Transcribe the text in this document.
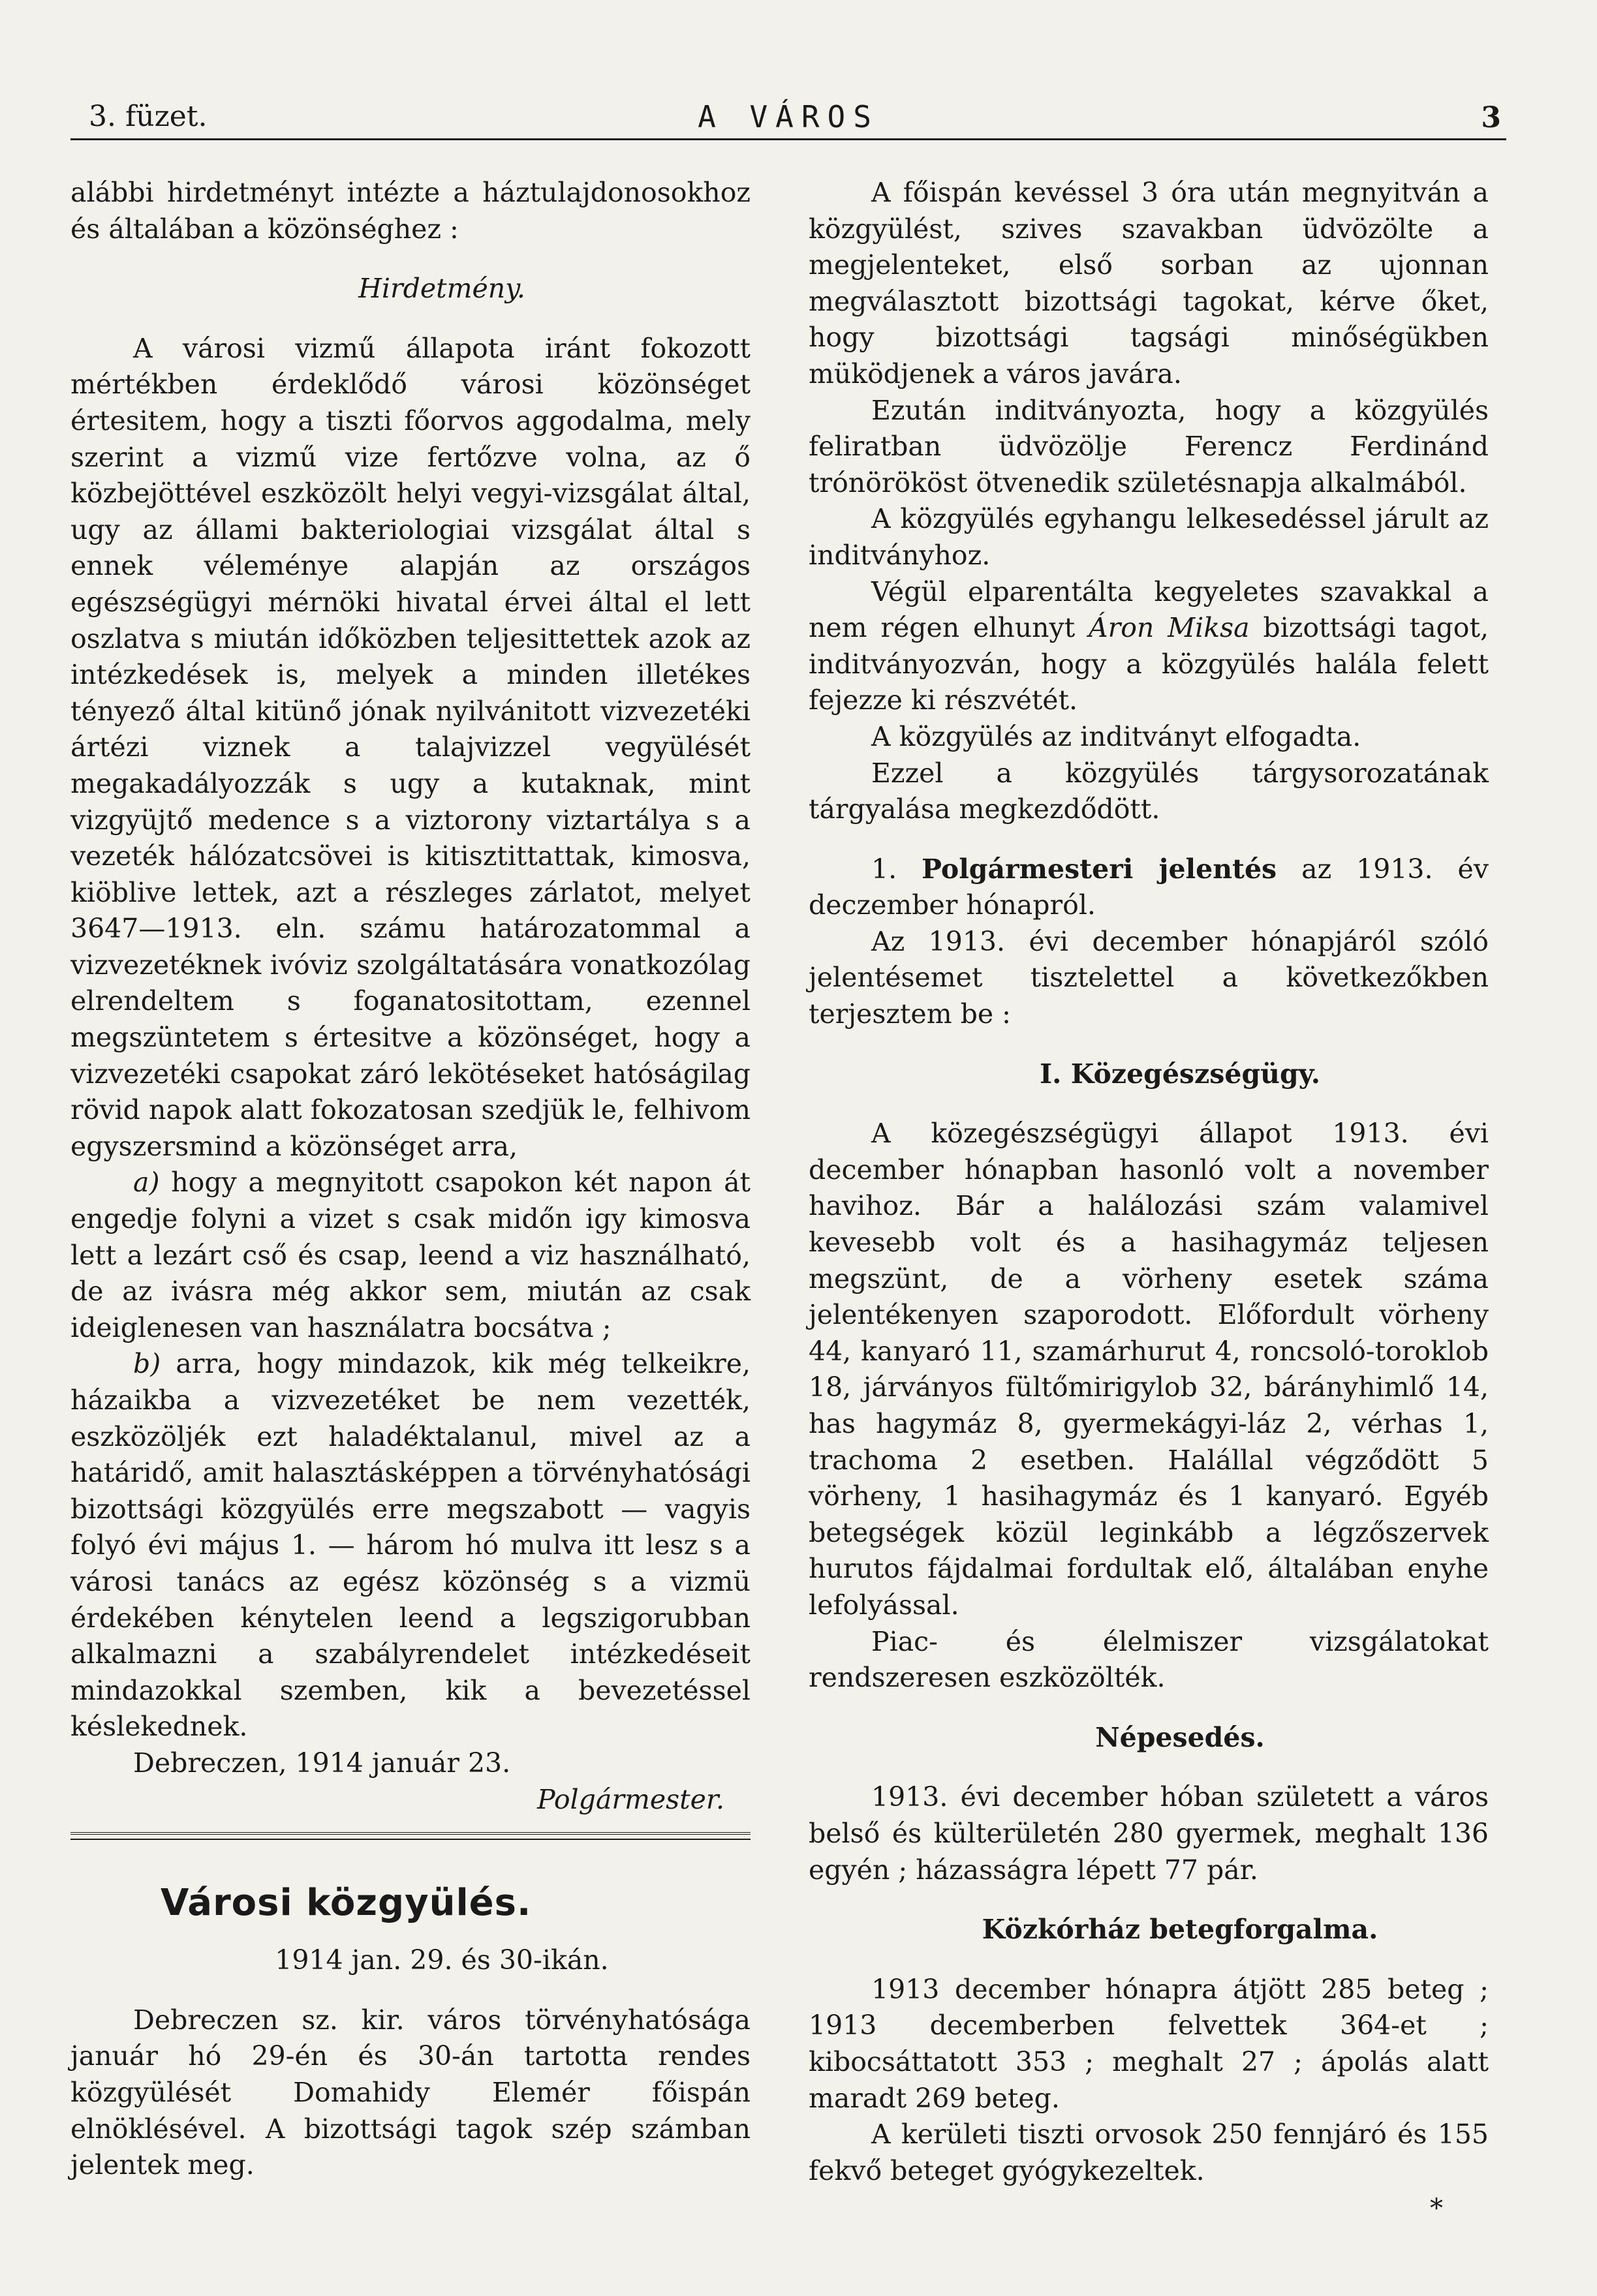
3. füzet.	A VÁROS	3

alábbi hirdetményt intézte a háztulajdonosokhoz és általában a közönséghez :

Hirdetmény.

A városi vizmű állapota iránt fokozott mértékben érdeklődő városi közönséget értesitem, hogy a tiszti főorvos aggodalma, mely szerint a vizmű vize fertőzve volna, az ő közbejöttével eszközölt helyi vegyi-vizsgálat által, ugy az állami bakteriologiai vizsgálat által s ennek véleménye alapján az országos egészségügyi mérnöki hivatal érvei által el lett oszlatva s miután időközben teljesittettek azok az intézkedések is, melyek a minden illetékes tényező által kitünő jónak nyilvánitott vizvezetéki ártézi viznek a talajvizzel vegyülését megakadályozzák s ugy a kutaknak, mint vizgyüjtő medence s a viztorony viztartálya s a vezeték hálózatcsövei is kitisztittattak, kimosva, kiöblive lettek, azt a részleges zárlatot, melyet 3647—1913. eln. számu határozatommal a vizvezetéknek ivóviz szolgáltatására vonatkozólag elrendeltem s foganatositottam, ezennel megszüntetem s értesitve a közönséget, hogy a vizvezetéki csapokat záró lekötéseket hatóságilag rövid napok alatt fokozatosan szedjük le, felhivom egyszersmind a közönséget arra,

a) hogy a megnyitott csapokon két napon át engedje folyni a vizet s csak midőn igy kimosva lett a lezárt cső és csap, leend a viz használható, de az ivásra még akkor sem, miután az csak ideiglenesen van használatra bocsátva ;

b) arra, hogy mindazok, kik még telkeikre, házaikba a vizvezetéket be nem vezették, eszközöljék ezt haladéktalanul, mivel az a határidő, amit halasztásképpen a törvényhatósági bizottsági közgyülés erre megszabott — vagyis folyó évi május 1. — három hó mulva itt lesz s a városi tanács az egész közönség s a vizmü érdekében kénytelen leend a legszigorubban alkalmazni a szabályrendelet intézkedéseit mindazokkal szemben, kik a bevezetéssel késlekednek.

Debreczen, 1914 január 23.

Polgármester.
Városi közgyülés.

1914 jan. 29. és 30-ikán.

Debreczen sz. kir. város törvényhatósága január hó 29-én és 30-án tartotta rendes közgyülését Domahidy Elemér főispán elnöklésével. A bizottsági tagok szép számban jelentek meg.

A főispán kevéssel 3 óra után megnyitván a közgyülést, szives szavakban üdvözölte a megjelenteket, első sorban az ujonnan megválasztott bizottsági tagokat, kérve őket, hogy bizottsági tagsági minőségükben müködjenek a város javára.

Ezután inditványozta, hogy a közgyülés feliratban üdvözölje Ferencz Ferdinánd trónörököst ötvenedik születésnapja alkalmából.

A közgyülés egyhangu lelkesedéssel járult az inditványhoz.

Végül elparentálta kegyeletes szavakkal a nem régen elhunyt Áron Miksa bizottsági tagot, inditványozván, hogy a közgyülés halála felett fejezze ki részvétét.

A közgyülés az inditványt elfogadta.

Ezzel a közgyülés tárgysorozatának tárgyalása megkezdődött.

1. Polgármesteri jelentés az 1913. év deczember hónapról.

Az 1913. évi december hónapjáról szóló jelentésemet tisztelettel a következőkben terjesztem be :

I. Közegészségügy.

A közegészségügyi állapot 1913. évi december hónapban hasonló volt a november havihoz. Bár a halálozási szám valamivel kevesebb volt és a hasihagymáz teljesen megszünt, de a vörheny esetek száma jelentékenyen szaporodott. Előfordult vörheny 44, kanyaró 11, szamárhurut 4, roncsoló-toroklob 18, járványos fültőmirigylob 32, bárányhimlő 14, has hagymáz 8, gyermekágyi-láz 2, vérhas 1, trachoma 2 esetben. Halállal végződött 5 vörheny, 1 hasihagymáz és 1 kanyaró. Egyéb betegségek közül leginkább a légzőszervek hurutos fájdalmai fordultak elő, általában enyhe lefolyással.

Piac- és élelmiszer vizsgálatokat rendszeresen eszközölték.

Népesedés.

1913. évi december hóban született a város belső és külterületén 280 gyermek, meghalt 136 egyén ; házasságra lépett 77 pár.

Közkórház betegforgalma.

1913 december hónapra átjött 285 beteg ; 1913 decemberben felvettek 364-et ; kibocsáttatott 353 ; meghalt 27 ; ápolás alatt maradt 269 beteg.

A kerületi tiszti orvosok 250 fennjáró és 155 fekvő beteget gyógykezeltek.

*
